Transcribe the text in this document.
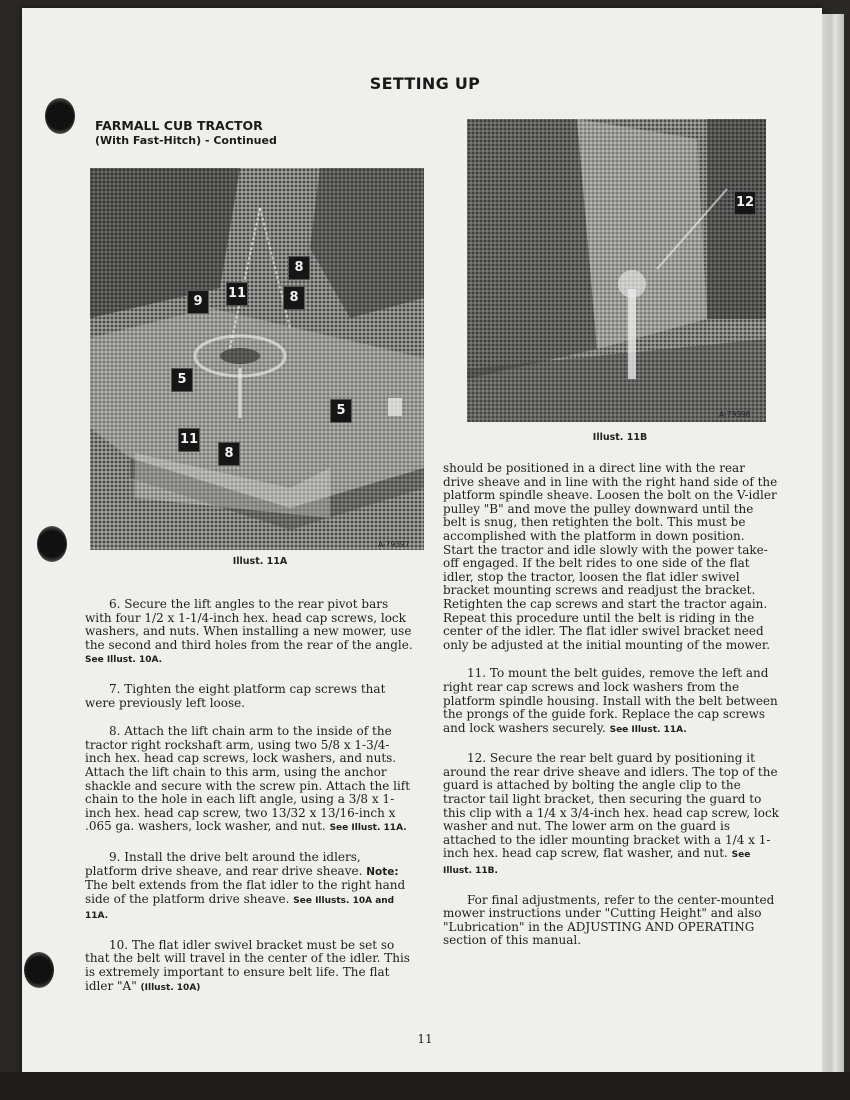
SETTING UP
FARMALL CUB TRACTOR
(With Fast-Hitch) - Continued
8
11	8
9
5
5
11
8
A-79397
Illust. 11A
12
A-79398
Illust. 11B

6. Secure the lift angles to the rear pivot bars with four 1/2 x 1-1/4-inch hex. head cap screws, lock washers, and nuts. When installing a new mower, use the second and third holes from the rear of the angle. See Illust. 10A.

7. Tighten the eight platform cap screws that were previously left loose.

8. Attach the lift chain arm to the inside of the tractor right rockshaft arm, using two 5/8 x 1-3/4-inch hex. head cap screws, lock washers, and nuts. Attach the lift chain to this arm, using the anchor shackle and secure with the screw pin. Attach the lift chain to the hole in each lift angle, using a 3/8 x 1-inch hex. head cap screw, two 13/32 x 13/16-inch x .065 ga. washers, lock washer, and nut. See Illust. 11A.

9. Install the drive belt around the idlers, platform drive sheave, and rear drive sheave. Note: The belt extends from the flat idler to the right hand side of the platform drive sheave. See Illusts. 10A and 11A.

10. The flat idler swivel bracket must be set so that the belt will travel in the center of the idler. This is extremely important to ensure belt life. The flat idler "A" (Illust. 10A)

should be positioned in a direct line with the rear drive sheave and in line with the right hand side of the platform spindle sheave. Loosen the bolt on the V-idler pulley "B" and move the pulley downward until the belt is snug, then retighten the bolt. This must be accomplished with the platform in down position. Start the tractor and idle slowly with the power take-off engaged. If the belt rides to one side of the flat idler, stop the tractor, loosen the flat idler swivel bracket mounting screws and readjust the bracket. Retighten the cap screws and start the tractor again. Repeat this procedure until the belt is riding in the center of the idler. The flat idler swivel bracket need only be adjusted at the initial mounting of the mower.

11. To mount the belt guides, remove the left and right rear cap screws and lock washers from the platform spindle housing. Install with the belt between the prongs of the guide fork. Replace the cap screws and lock washers securely. See Illust. 11A.

12. Secure the rear belt guard by positioning it around the rear drive sheave and idlers. The top of the guard is attached by bolting the angle clip to the tractor tail light bracket, then securing the guard to this clip with a 1/4 x 3/4-inch hex. head cap screw, lock washer and nut. The lower arm on the guard is attached to the idler mounting bracket with a 1/4 x 1-inch hex. head cap screw, flat washer, and nut. See Illust. 11B.

For final adjustments, refer to the center-mounted mower instructions under "Cutting Height" and also "Lubrication" in the ADJUSTING AND OPERATING section of this manual.

11
